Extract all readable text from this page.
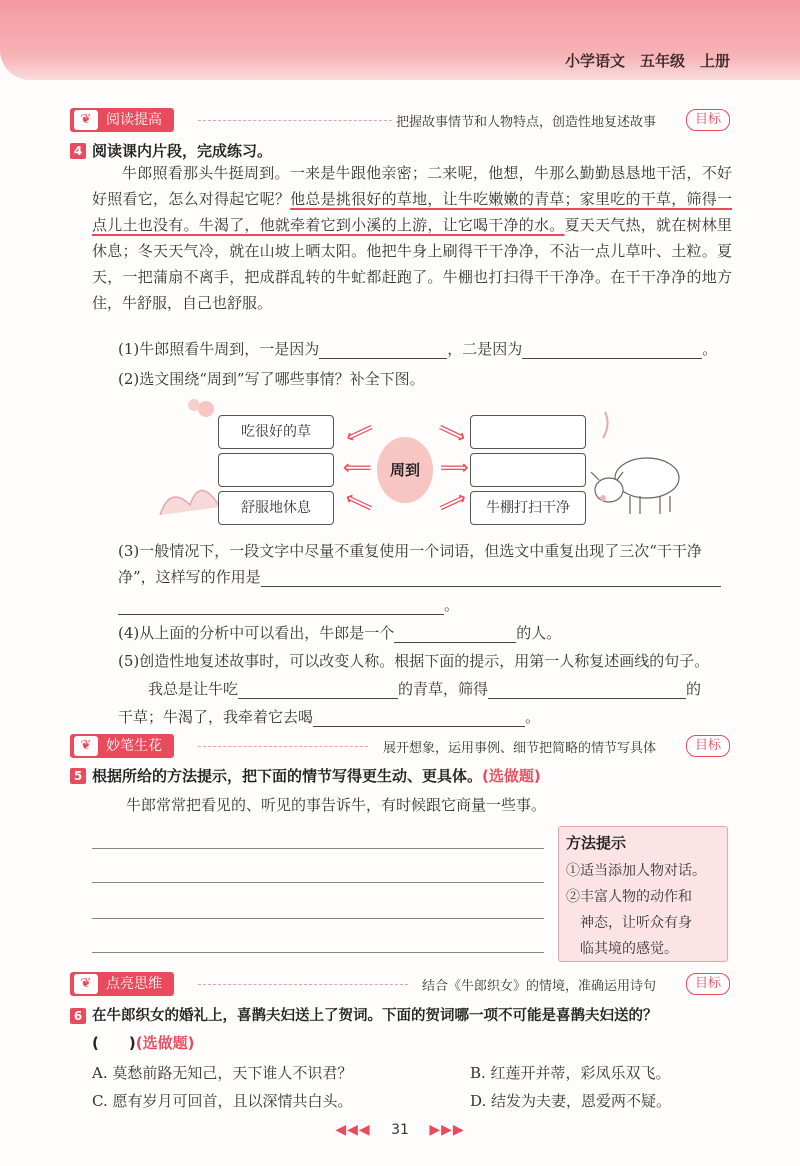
小学语文　五年级　上册
❦	阅读提高	把握故事情节和人物特点，创造性地复述故事	目标
4 阅读课内片段，完成练习。

牛郎照看那头牛挺周到。一来是牛跟他亲密；二来呢，他想，牛那么勤勤恳恳地干活，不好好照看它，怎么对得起它呢？他总是挑很好的草地，让牛吃嫩嫩的青草；家里吃的干草，筛得一点儿土也没有。牛渴了，他就牵着它到小溪的上游，让它喝干净的水。夏天天气热，就在树林里休息；冬天天气冷，就在山坡上晒太阳。他把牛身上刷得干干净净，不沾一点儿草叶、土粒。夏天，一把蒲扇不离手，把成群乱转的牛虻都赶跑了。牛棚也打扫得干干净净。在干干净净的地方住，牛舒服，自己也舒服。

(1)牛郎照看牛周到，一是因为	，二是因为	。
(2)选文围绕“周到”写了哪些事情？补全下图。
吃很好的草
舒服地休息	牛棚打扫干净
周到
⟸
⟸
⟸
⟹
⟹
⟹
(3)一般情况下，一段文字中尽量不重复使用一个词语，但选文中重复出现了三次“干干净
净”，这样写的作用是
。
(4)从上面的分析中可以看出，牛郎是一个	的人。
(5)创造性地复述故事时，可以改变人称。根据下面的提示，用第一人称复述画线的句子。
我总是让牛吃	的青草，筛得	的
干草；牛渴了，我牵着它去喝	。
❦	妙笔生花	展开想象，运用事例、细节把简略的情节写具体	目标
5 根据所给的方法提示，把下面的情节写得更生动、更具体。(选做题)
牛郎常常把看见的、听见的事告诉牛，有时候跟它商量一些事。
方法提示
①适当添加人物对话。
②丰富人物的动作和
神态，让听众有身
临其境的感觉。
❦	点亮思维	结合《牛郎织女》的情境，准确运用诗句	目标
6 在牛郎织女的婚礼上，喜鹊夫妇送上了贺词。下面的贺词哪一项不可能是喜鹊夫妇送的？
(　　)(选做题)
A. 莫愁前路无知己，天下谁人不识君？	B. 红莲开并蒂，彩凤乐双飞。
C. 愿有岁月可回首，且以深情共白头。	D. 结发为夫妻，恩爱两不疑。
◀◀◀ 31 ▶▶▶
